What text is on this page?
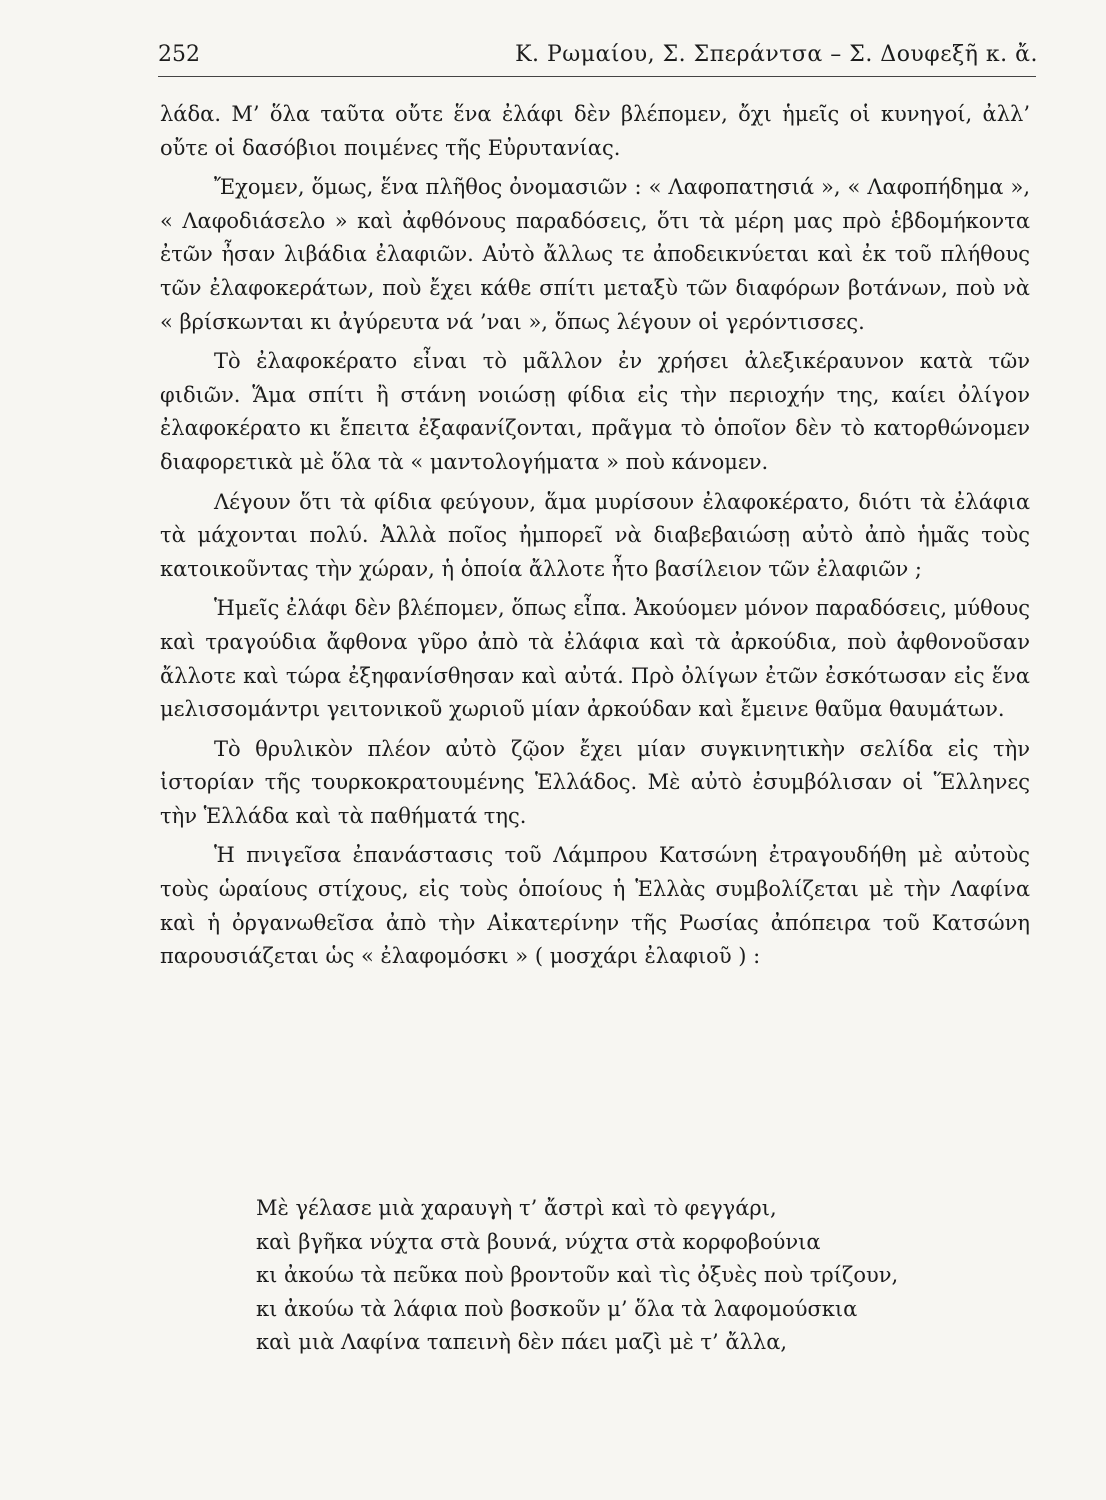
252	Κ. Ρωμαίου, Σ. Σπεράντσα – Σ. Δουφεξῆ κ. ἄ.

λάδα. Μ’ ὅλα ταῦτα οὔτε ἕνα ἐλάφι δὲν βλέπομεν, ὄχι ἡμεῖς οἱ κυνηγοί, ἀλλ’ οὔτε οἱ δασόβιοι ποιμένες τῆς Εὐρυτανίας.

Ἔχομεν, ὅμως, ἕνα πλῆθος ὀνομασιῶν : « Λαφοπατησιά », « Λαφοπήδημα », « Λαφοδιάσελο » καὶ ἀφθόνους παραδόσεις, ὅτι τὰ μέρη μας πρὸ ἑβδομήκοντα ἐτῶν ἦσαν λιβάδια ἐλαφιῶν. Αὐτὸ ἄλλως τε ἀποδεικνύεται καὶ ἐκ τοῦ πλήθους τῶν ἐλαφοκεράτων, ποὺ ἔχει κάθε σπίτι μεταξὺ τῶν διαφόρων βοτάνων, ποὺ νὰ « βρίσκωνται κι ἀγύρευτα νά ’ναι », ὅπως λέγουν οἱ γερόντισσες.

Τὸ ἐλαφοκέρατο εἶναι τὸ μᾶλλον ἐν χρήσει ἀλεξικέραυνον κατὰ τῶν φιδιῶν. Ἅμα σπίτι ἢ στάνη νοιώσῃ φίδια εἰς τὴν περιοχήν της, καίει ὀλίγον ἐλαφοκέρατο κι ἔπειτα ἐξαφανίζονται, πρᾶγμα τὸ ὁποῖον δὲν τὸ κατορθώνομεν διαφορετικὰ μὲ ὅλα τὰ « μαντολογήματα » ποὺ κάνομεν.

Λέγουν ὅτι τὰ φίδια φεύγουν, ἅμα μυρίσουν ἐλαφοκέρατο, διότι τὰ ἐλάφια τὰ μάχονται πολύ. Ἀλλὰ ποῖος ἠμπορεῖ νὰ διαβεβαιώσῃ αὐτὸ ἀπὸ ἡμᾶς τοὺς κατοικοῦντας τὴν χώραν, ἡ ὁποία ἄλλοτε ἦτο βασίλειον τῶν ἐλαφιῶν ;

Ἡμεῖς ἐλάφι δὲν βλέπομεν, ὅπως εἶπα. Ἀκούομεν μόνον παραδόσεις, μύθους καὶ τραγούδια ἄφθονα γῦρο ἀπὸ τὰ ἐλάφια καὶ τὰ ἀρκούδια, ποὺ ἀφθονοῦσαν ἄλλοτε καὶ τώρα ἐξηφανίσθησαν καὶ αὐτά. Πρὸ ὀλίγων ἐτῶν ἐσκότωσαν εἰς ἕνα μελισσομάντρι γειτονικοῦ χωριοῦ μίαν ἀρκούδαν καὶ ἔμεινε θαῦμα θαυμάτων.

Τὸ θρυλικὸν πλέον αὐτὸ ζῷον ἔχει μίαν συγκινητικὴν σελίδα εἰς τὴν ἱστορίαν τῆς τουρκοκρατουμένης Ἑλλάδος. Μὲ αὐτὸ ἐσυμβόλισαν οἱ Ἕλληνες τὴν Ἑλλάδα καὶ τὰ παθήματά της.

Ἡ πνιγεῖσα ἐπανάστασις τοῦ Λάμπρου Κατσώνη ἐτραγουδήθη μὲ αὐτοὺς τοὺς ὡραίους στίχους, εἰς τοὺς ὁποίους ἡ Ἑλλὰς συμβολίζεται μὲ τὴν Λαφίνα καὶ ἡ ὀργανωθεῖσα ἀπὸ τὴν Αἰκατερίνην τῆς Ρωσίας ἀπόπειρα τοῦ Κατσώνη παρουσιάζεται ὡς « ἐλαφομόσκι » ( μοσχάρι ἐλαφιοῦ ) :

Μὲ γέλασε μιὰ χαραυγὴ τ’ ἄστρὶ καὶ τὸ φεγγάρι,
καὶ βγῆκα νύχτα στὰ βουνά, νύχτα στὰ κορφοβούνια
κι ἀκούω τὰ πεῦκα ποὺ βροντοῦν καὶ τὶς ὀξυὲς ποὺ τρίζουν,
κι ἀκούω τὰ λάφια ποὺ βοσκοῦν μ’ ὅλα τὰ λαφομούσκια
καὶ μιὰ Λαφίνα ταπεινὴ δὲν πάει μαζὶ μὲ τ’ ἄλλα,
